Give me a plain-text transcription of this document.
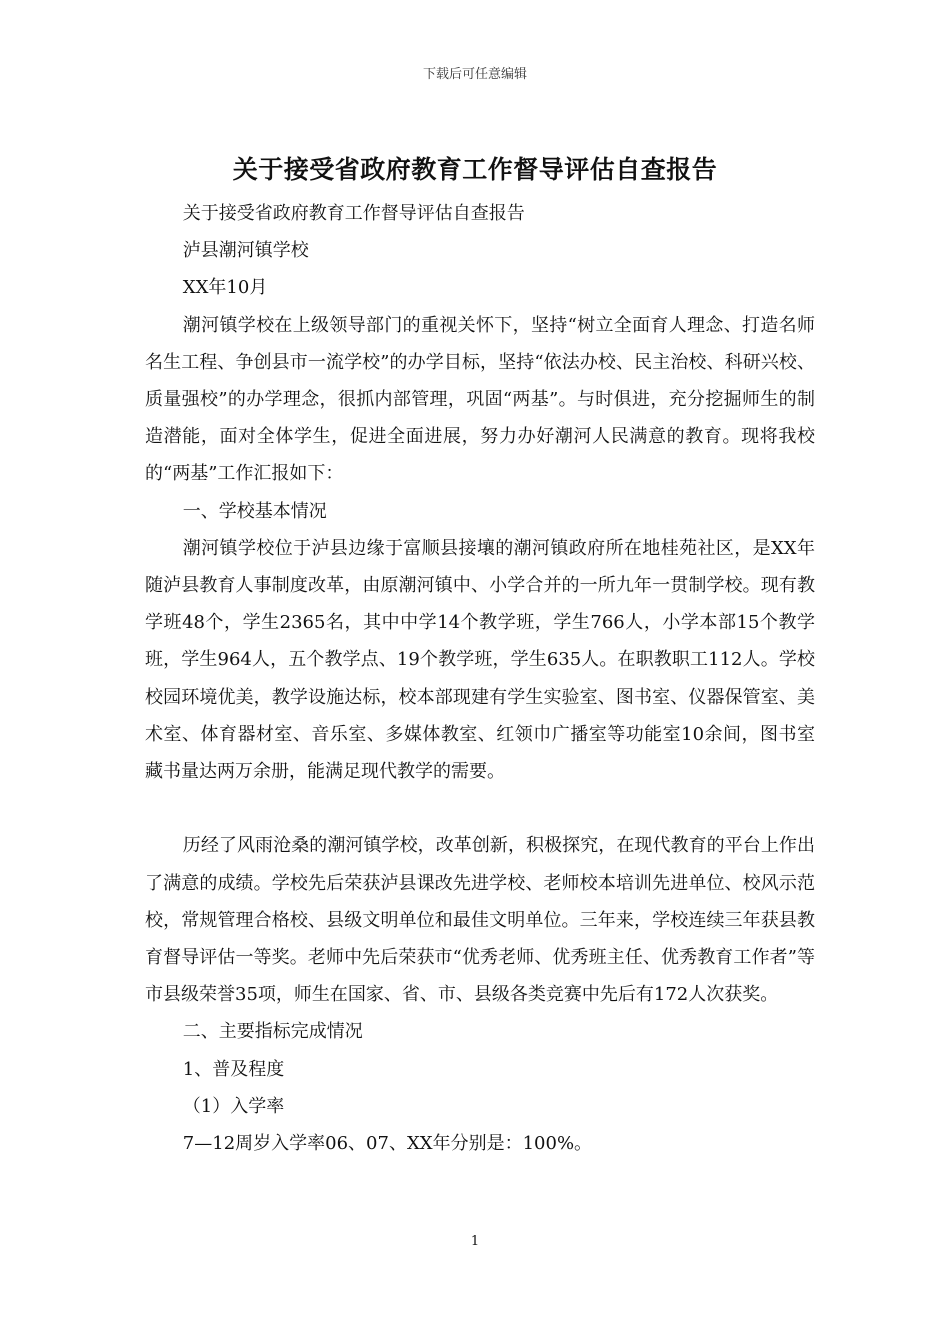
下载后可任意编辑
关于接受省政府教育工作督导评估自查报告

关于接受省政府教育工作督导评估自查报告

泸县潮河镇学校

XX年10月

潮河镇学校在上级领导部门的重视关怀下，坚持“树立全面育人理念、打造名师名生工程、争创县市一流学校”的办学目标，坚持“依法办校、民主治校、科研兴校、质量强校”的办学理念，很抓内部管理，巩固“两基”。与时俱进，充分挖掘师生的制造潜能，面对全体学生，促进全面进展，努力办好潮河人民满意的教育。现将我校的“两基”工作汇报如下：

一、学校基本情况

潮河镇学校位于泸县边缘于富顺县接壤的潮河镇政府所在地桂苑社区，是XX年随泸县教育人事制度改革，由原潮河镇中、小学合并的一所九年一贯制学校。现有教学班48个，学生2365名，其中中学14个教学班，学生766人，小学本部15个教学班，学生964人，五个教学点、19个教学班，学生635人。在职教职工112人。学校校园环境优美，教学设施达标，校本部现建有学生实验室、图书室、仪器保管室、美术室、体育器材室、音乐室、多媒体教室、红领巾广播室等功能室10余间，图书室藏书量达两万余册，能满足现代教学的需要。

历经了风雨沧桑的潮河镇学校，改革创新，积极探究，在现代教育的平台上作出了满意的成绩。学校先后荣获泸县课改先进学校、老师校本培训先进单位、校风示范校，常规管理合格校、县级文明单位和最佳文明单位。三年来，学校连续三年获县教育督导评估一等奖。老师中先后荣获市“优秀老师、优秀班主任、优秀教育工作者”等市县级荣誉35项，师生在国家、省、市、县级各类竞赛中先后有172人次获奖。

二、主要指标完成情况

1、普及程度

（1）入学率

7—12周岁入学率06、07、XX年分别是：100%。

1
